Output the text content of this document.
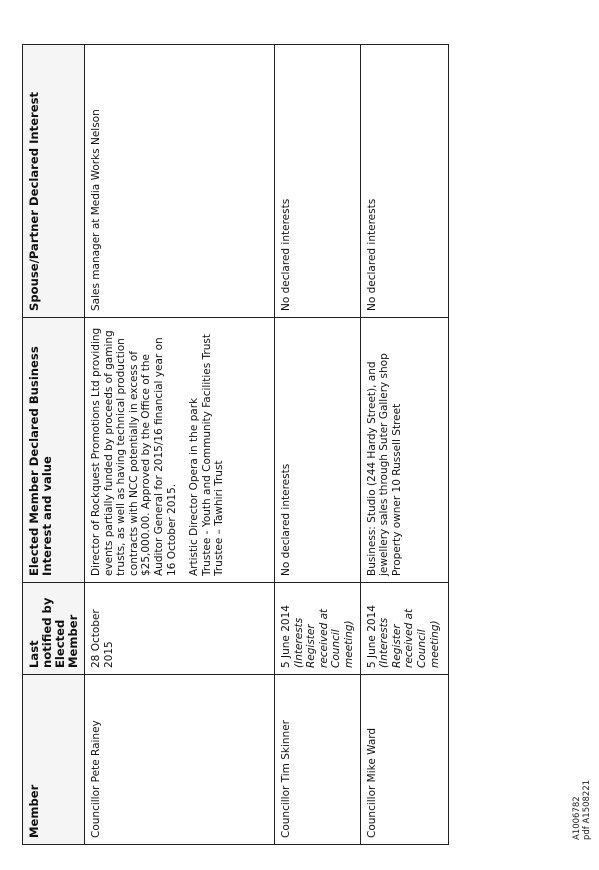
Member	Last notified by Elected Member	Elected Member Declared Business Interest and value	Spouse/Partner Declared Interest
Councillor Pete Rainey	28 October 2015	Director of Rockquest Promotions Ltd providing events partially funded by proceeds of gaming trusts, as well as having technical production contracts with NCC potentially in excess of $25,000.00. Approved by the Office of the Auditor General for 2015/16 financial year on 16 October 2015. Artistic Director Opera in the park Trustee - Youth and Community Facilities Trust Trustee – Tawhiri Trust	Sales manager at Media Works Nelson
Councillor Tim Skinner	5 June 2014 (Interests Register received at Council meeting)	No declared interests	No declared interests
Councillor Mike Ward	5 June 2014 (Interests Register received at Council meeting)	Business: Studio (244 Hardy Street), and jewellery sales through Suter Gallery shop Property owner 10 Russell Street	No declared interests
A1006782 pdf A1508221
